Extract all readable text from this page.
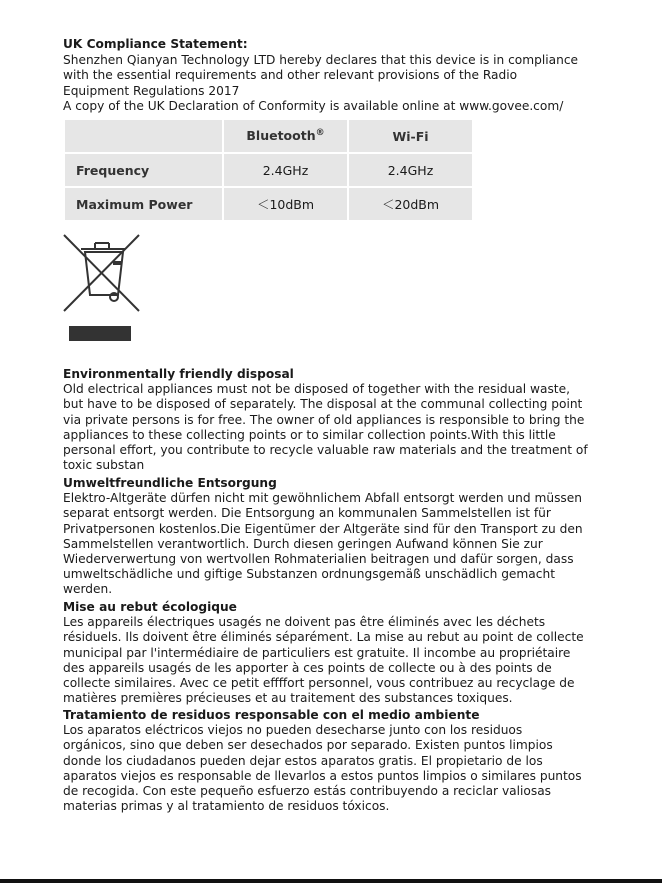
UK Compliance Statement:
Shenzhen Qianyan Technology LTD hereby declares that this device is in compliance
with the essential requirements and other relevant provisions of the Radio
Equipment Regulations 2017
A copy of the UK Declaration of Conformity is available online at www.govee.com/
	Bluetooth®	Wi-Fi
Frequency	2.4GHz	2.4GHz
Maximum Power	＜10dBm	＜20dBm
Environmentally friendly disposal
Old electrical appliances must not be disposed of together with the residual waste,
but have to be disposed of separately. The disposal at the communal collecting point
via private persons is for free. The owner of old appliances is responsible to bring the
appliances to these collecting points or to similar collection points.With this little
personal effort, you contribute to recycle valuable raw materials and the treatment of
toxic substan
Umweltfreundliche Entsorgung
Elektro-Altgeräte dürfen nicht mit gewöhnlichem Abfall entsorgt werden und müssen
separat entsorgt werden. Die Entsorgung an kommunalen Sammelstellen ist für
Privatpersonen kostenlos.Die Eigentümer der Altgeräte sind für den Transport zu den
Sammelstellen verantwortlich. Durch diesen geringen Aufwand können Sie zur
Wiederverwertung von wertvollen Rohmaterialien beitragen und dafür sorgen, dass
umweltschädliche und giftige Substanzen ordnungsgemäß unschädlich gemacht
werden.
Mise au rebut écologique
Les appareils électriques usagés ne doivent pas être éliminés avec les déchets
résiduels. Ils doivent être éliminés séparément. La mise au rebut au point de collecte
municipal par l'intermédiaire de particuliers est gratuite. Il incombe au propriétaire
des appareils usagés de les apporter à ces points de collecte ou à des points de
collecte similaires. Avec ce petit effffort personnel, vous contribuez au recyclage de
matières premières précieuses et au traitement des substances toxiques.
Tratamiento de residuos responsable con el medio ambiente
Los aparatos eléctricos viejos no pueden desecharse junto con los residuos
orgánicos, sino que deben ser desechados por separado. Existen puntos limpios
donde los ciudadanos pueden dejar estos aparatos gratis. El propietario de los
aparatos viejos es responsable de llevarlos a estos puntos limpios o similares puntos
de recogida. Con este pequeño esfuerzo estás contribuyendo a reciclar valiosas
materias primas y al tratamiento de residuos tóxicos.
